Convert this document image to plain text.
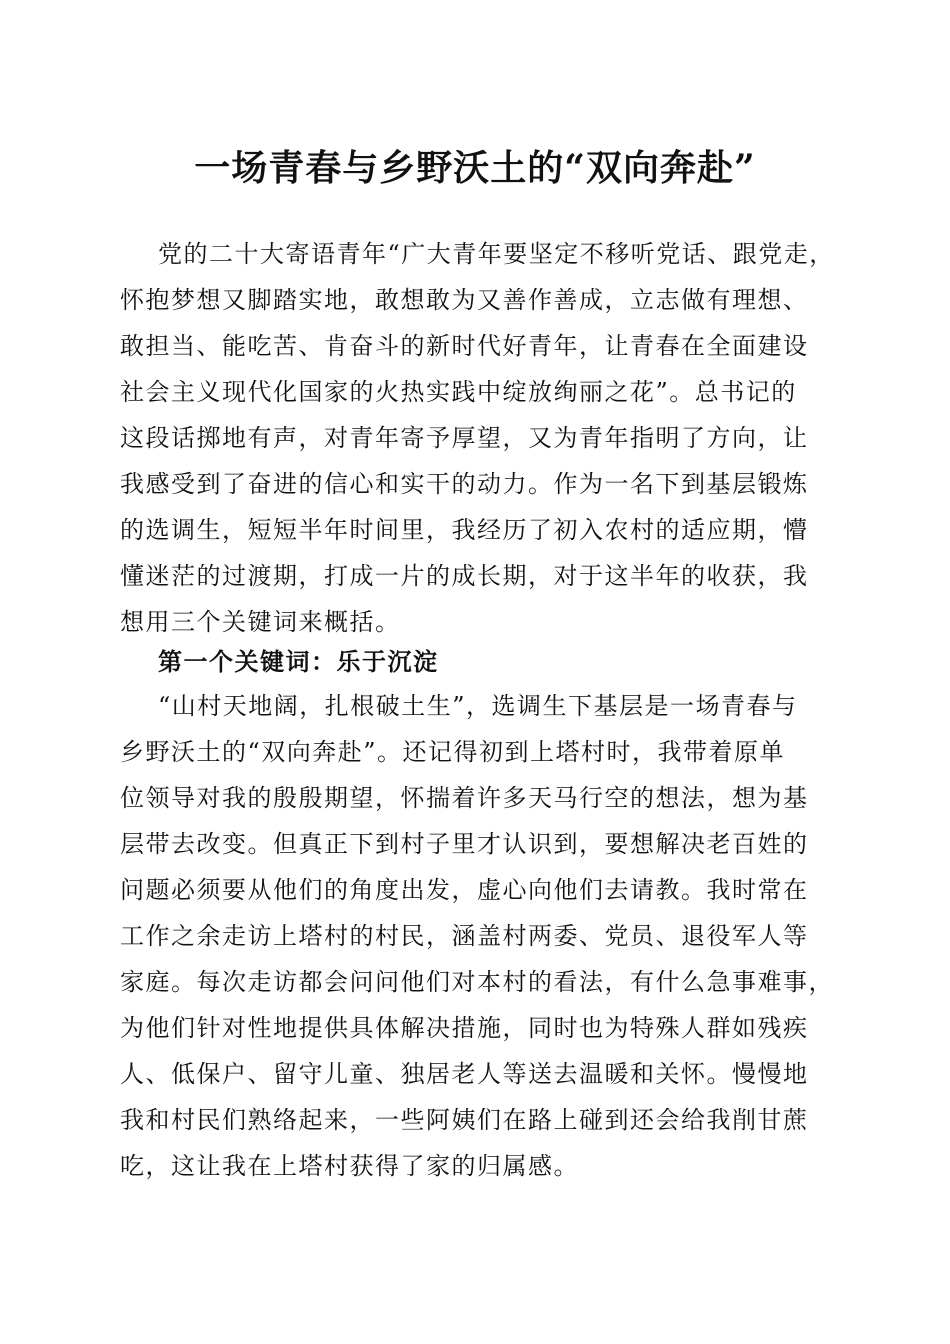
一场青春与乡野沃土的“双向奔赴”
党的二十大寄语青年“广大青年要坚定不移听党话、跟党走，
怀抱梦想又脚踏实地，敢想敢为又善作善成，立志做有理想、
敢担当、能吃苦、肯奋斗的新时代好青年，让青春在全面建设
社会主义现代化国家的火热实践中绽放绚丽之花”。总书记的
这段话掷地有声，对青年寄予厚望，又为青年指明了方向，让
我感受到了奋进的信心和实干的动力。作为一名下到基层锻炼
的选调生，短短半年时间里，我经历了初入农村的适应期，懵
懂迷茫的过渡期，打成一片的成长期，对于这半年的收获，我
想用三个关键词来概括。
第一个关键词：乐于沉淀
“山村天地阔，扎根破土生”，选调生下基层是一场青春与
乡野沃土的“双向奔赴”。还记得初到上塔村时，我带着原单
位领导对我的殷殷期望，怀揣着许多天马行空的想法，想为基
层带去改变。但真正下到村子里才认识到，要想解决老百姓的
问题必须要从他们的角度出发，虚心向他们去请教。我时常在
工作之余走访上塔村的村民，涵盖村两委、党员、退役军人等
家庭。每次走访都会问问他们对本村的看法，有什么急事难事，
为他们针对性地提供具体解决措施，同时也为特殊人群如残疾
人、低保户、留守儿童、独居老人等送去温暖和关怀。慢慢地
我和村民们熟络起来，一些阿姨们在路上碰到还会给我削甘蔗
吃，这让我在上塔村获得了家的归属感。
